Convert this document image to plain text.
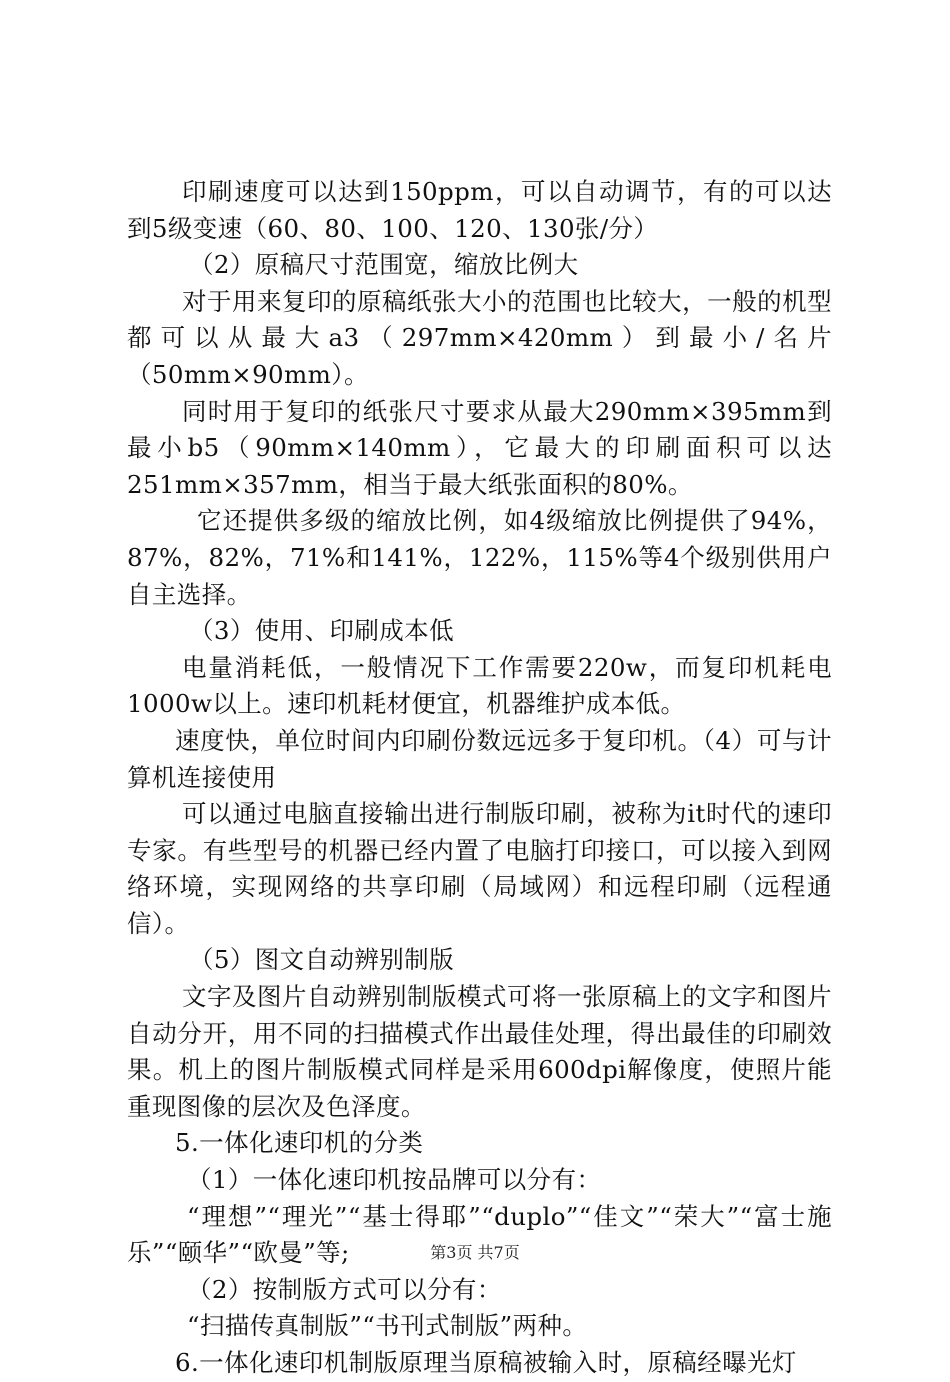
印刷速度可以达到150ppm，可以自动调节，有的可以达到5级变速（60、80、100、120、130张/分）

（2）原稿尺寸范围宽，缩放比例大

对于用来复印的原稿纸张大小的范围也比较大，一般的机型都可以从最大a3（297mm×420mm）到最小/名片（50mm×90mm）。

同时用于复印的纸张尺寸要求从最大290mm×395mm到最小b5（90mm×140mm），它最大的印刷面积可以达251mm×357mm，相当于最大纸张面积的80%。

它还提供多级的缩放比例，如4级缩放比例提供了94%，87%，82%，71%和141%，122%，115%等4个级别供用户自主选择。

（3）使用、印刷成本低

电量消耗低，一般情况下工作需要220w，而复印机耗电1000w以上。速印机耗材便宜，机器维护成本低。

速度快，单位时间内印刷份数远远多于复印机。（4）可与计算机连接使用

可以通过电脑直接输出进行制版印刷，被称为it时代的速印专家。有些型号的机器已经内置了电脑打印接口，可以接入到网络环境，实现网络的共享印刷（局域网）和远程印刷（远程通信）。

（5）图文自动辨别制版

文字及图片自动辨别制版模式可将一张原稿上的文字和图片自动分开，用不同的扫描模式作出最佳处理，得出最佳的印刷效果。机上的图片制版模式同样是采用600dpi解像度，使照片能重现图像的层次及色泽度。

5.一体化速印机的分类

（1）一体化速印机按品牌可以分有：

“理想”“理光”“基士得耶”“duplo”“佳文”“荣大”“富士施乐”“颐华”“欧曼”等;

（2）按制版方式可以分有：

“扫描传真制版”“书刊式制版”两种。

6.一体化速印机制版原理当原稿被输入时，原稿经曝光灯

第3页 共7页
